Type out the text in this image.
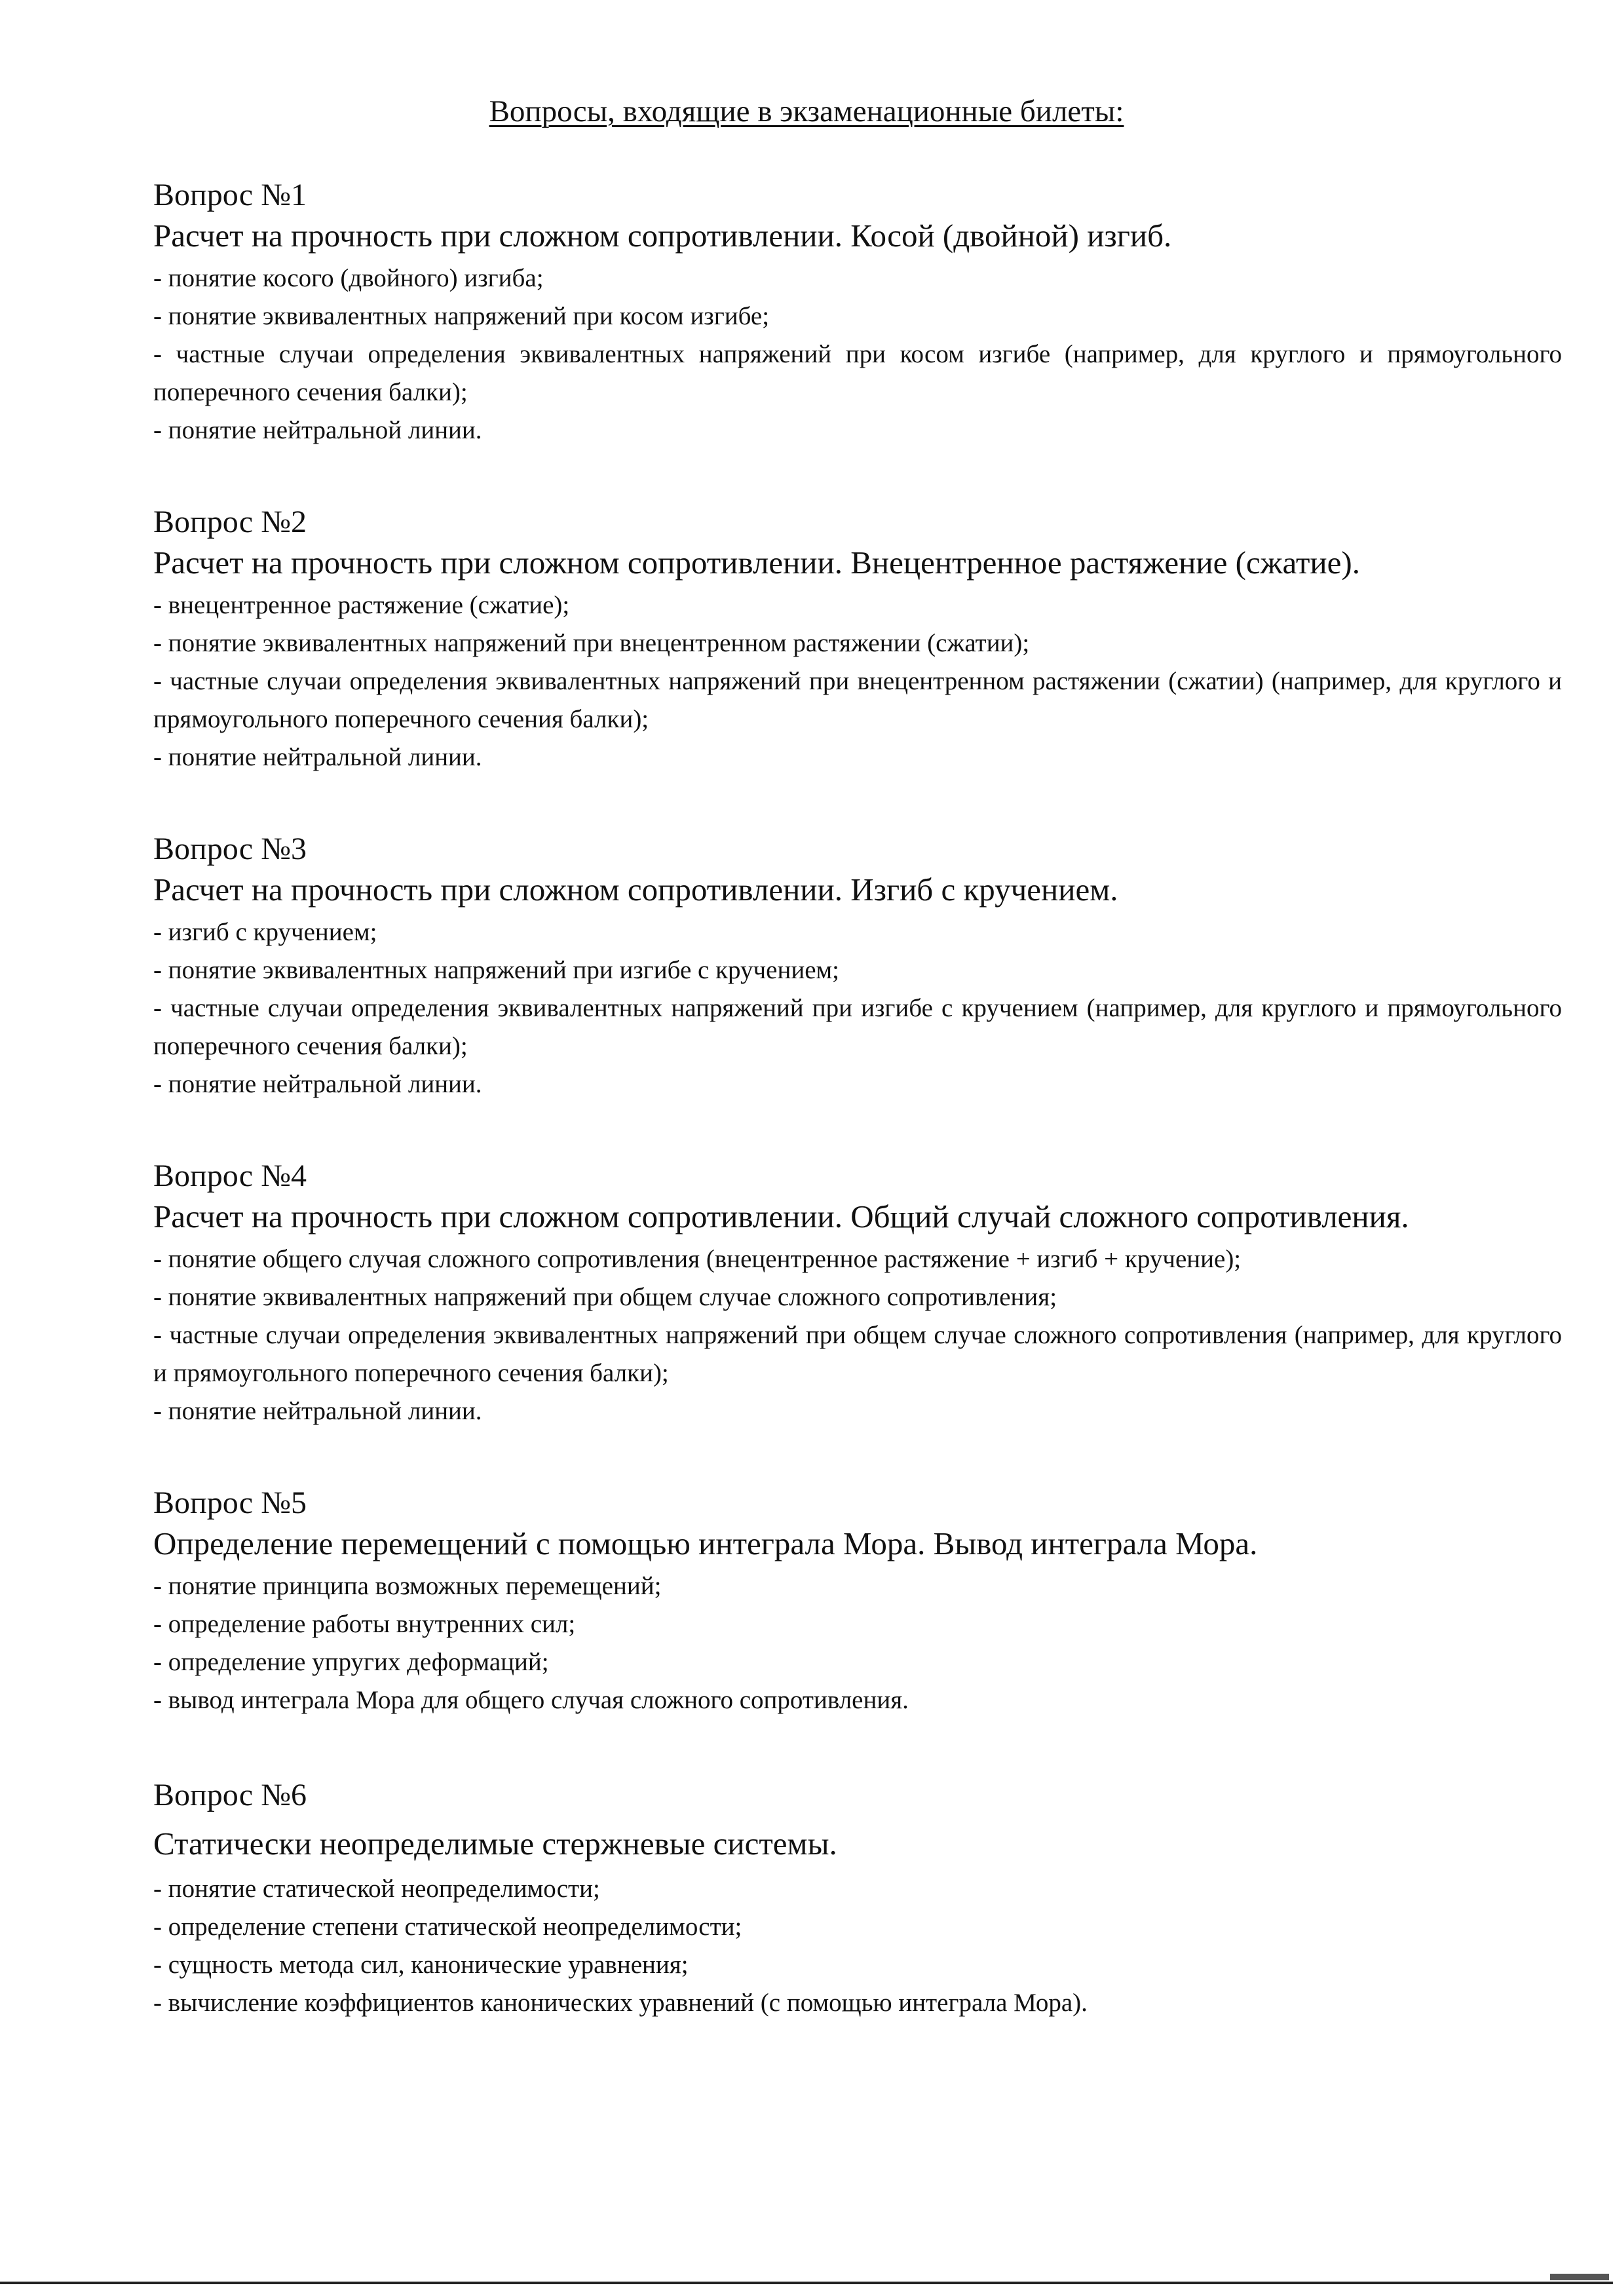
Вопросы, входящие в экзаменационные билеты:
Вопрос №1
Расчет на прочность при сложном сопротивлении. Косой (двойной) изгиб.
- понятие косого (двойного) изгиба;
- понятие эквивалентных напряжений при косом изгибе;
- частные случаи определения эквивалентных напряжений при косом изгибе (например, для круглого и прямоугольного поперечного сечения балки);
- понятие нейтральной линии.
Вопрос №2
Расчет на прочность при сложном сопротивлении. Внецентренное растяжение (сжатие).
- внецентренное растяжение (сжатие);
- понятие эквивалентных напряжений при внецентренном растяжении (сжатии);
- частные случаи определения эквивалентных напряжений при внецентренном растяжении (сжатии) (например, для круглого и прямоугольного поперечного сечения балки);
- понятие нейтральной линии.
Вопрос №3
Расчет на прочность при сложном сопротивлении. Изгиб с кручением.
- изгиб с кручением;
- понятие эквивалентных напряжений при изгибе с кручением;
- частные случаи определения эквивалентных напряжений при изгибе с кручением (например, для круглого и прямоугольного поперечного сечения балки);
- понятие нейтральной линии.
Вопрос №4
Расчет на прочность при сложном сопротивлении. Общий случай сложного сопротивления.
- понятие общего случая сложного сопротивления (внецентренное растяжение + изгиб + кручение);
- понятие эквивалентных напряжений при общем случае сложного сопротивления;
- частные случаи определения эквивалентных напряжений при общем случае сложного сопротивления (например, для круглого и прямоугольного поперечного сечения балки);
- понятие нейтральной линии.
Вопрос №5
Определение перемещений с помощью интеграла Мора. Вывод интеграла Мора.
- понятие принципа возможных перемещений;
- определение работы внутренних сил;
- определение упругих деформаций;
- вывод интеграла Мора для общего случая сложного сопротивления.
Вопрос №6
Статически неопределимые стержневые системы.
- понятие статической неопределимости;
- определение степени статической неопределимости;
- сущность метода сил, канонические уравнения;
- вычисление коэффициентов канонических уравнений (с помощью интеграла Мора).
